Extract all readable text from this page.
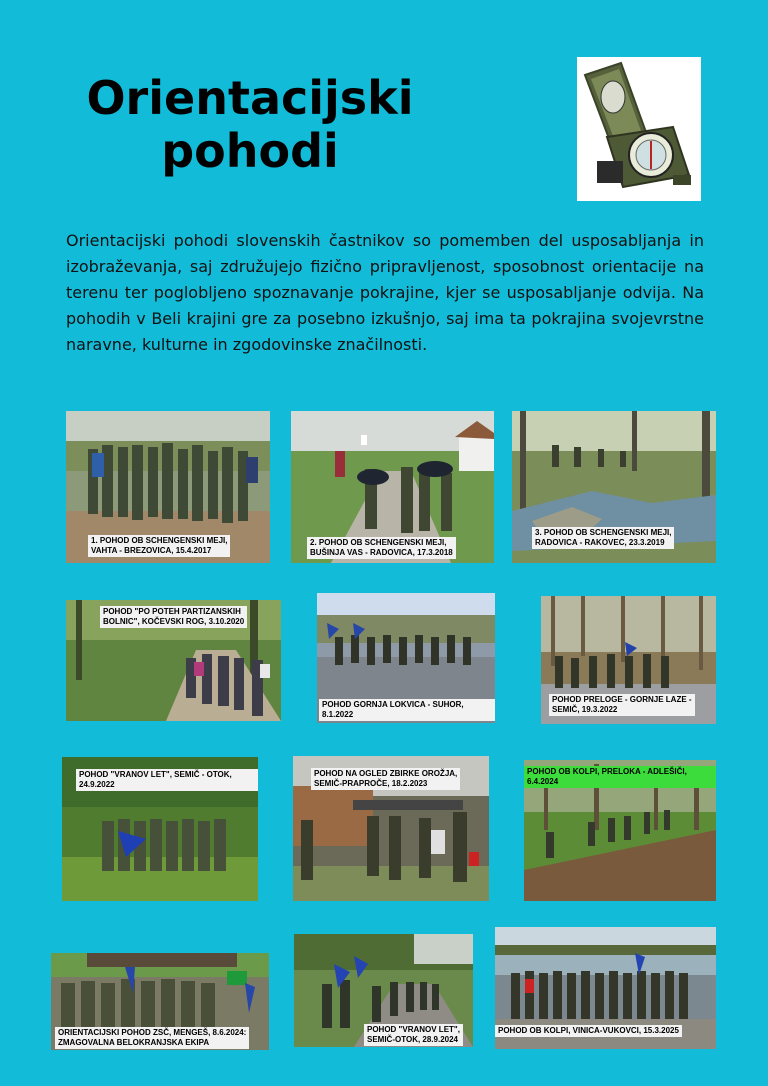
Orientacijski
pohodi

Orientacijski pohodi slovenskih častnikov so pomemben del usposabljanja in izobraževanja, saj združujejo fizično pripravljenost, sposobnost orientacije na terenu ter poglobljeno spoznavanje pokrajine, kjer se usposabljanje odvija. Na pohodih v Beli krajini gre za posebno izkušnjo, saj ima ta pokrajina svojevrstne naravne, kulturne in zgodovinske značilnosti.

1. POHOD OB SCHENGENSKI MEJI,
VAHTA - BREZOVICA, 15.4.2017
2. POHOD OB SCHENGENSKI MEJI,
BUŠINJA VAS - RADOVICA, 17.3.2018
3. POHOD OB SCHENGENSKI MEJI,
RADOVICA - RAKOVEC, 23.3.2019
POHOD "PO POTEH PARTIZANSKIH
BOLNIC", KOČEVSKI ROG, 3.10.2020
POHOD GORNJA LOKVICA - SUHOR, 8.1.2022
POHOD PRELOGE - GORNJE LAZE -
SEMIČ, 19.3.2022
POHOD "VRANOV LET", SEMIČ - OTOK, 24.9.2022
POHOD NA OGLED ZBIRKE OROŽJA,
SEMIČ-PRAPROČE, 18.2.2023
POHOD OB KOLPI, PRELOKA - ADLEŠIČI, 6.4.2024
ORIENTACIJSKI POHOD ZSČ, MENGEŠ, 8.6.2024:
ZMAGOVALNA BELOKRANJSKA EKIPA
POHOD "VRANOV LET",
SEMIČ-OTOK, 28.9.2024
POHOD OB KOLPI, VINICA-VUKOVCI, 15.3.2025
